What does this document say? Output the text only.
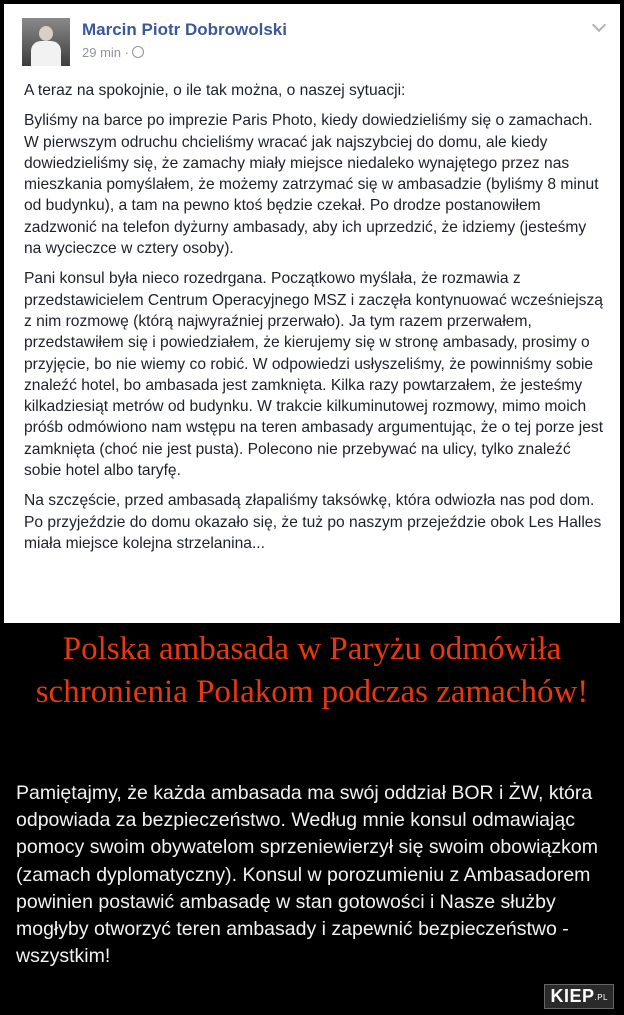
Marcin Piotr Dobrowolski
29 min ·

A teraz na spokojnie, o ile tak można, o naszej sytuacji:

Byliśmy na barce po imprezie Paris Photo, kiedy dowiedzieliśmy się o zamachach. W pierwszym odruchu chcieliśmy wracać jak najszybciej do domu, ale kiedy dowiedzieliśmy się, że zamachy miały miejsce niedaleko wynajętego przez nas mieszkania pomyślałem, że możemy zatrzymać się w ambasadzie (byliśmy 8 minut od budynku), a tam na pewno ktoś będzie czekał. Po drodze postanowiłem zadzwonić na telefon dyżurny ambasady, aby ich uprzedzić, że idziemy (jesteśmy na wycieczce w cztery osoby).

Pani konsul była nieco rozedrgana. Początkowo myślała, że rozmawia z przedstawicielem Centrum Operacyjnego MSZ i zaczęła kontynuować wcześniejszą z nim rozmowę (którą najwyraźniej przerwało). Ja tym razem przerwałem, przedstawiłem się i powiedziałem, że kierujemy się w stronę ambasady, prosimy o przyjęcie, bo nie wiemy co robić. W odpowiedzi usłyszeliśmy, że powinniśmy sobie znaleźć hotel, bo ambasada jest zamknięta. Kilka razy powtarzałem, że jesteśmy kilkadziesiąt metrów od budynku. W trakcie kilkuminutowej rozmowy, mimo moich próśb odmówiono nam wstępu na teren ambasady argumentując, że o tej porze jest zamknięta (choć nie jest pusta). Polecono nie przebywać na ulicy, tylko znaleźć sobie hotel albo taryfę.

Na szczęście, przed ambasadą złapaliśmy taksówkę, która odwiozła nas pod dom. Po przyjeździe do domu okazało się, że tuż po naszym przejeździe obok Les Halles miała miejsce kolejna strzelanina...

Polska ambasada w Paryżu odmówiła schronienia Polakom podczas zamachów!
Pamiętajmy, że każda ambasada ma swój oddział BOR i ŻW, która odpowiada za bezpieczeństwo. Według mnie konsul odmawiając pomocy swoim obywatelom sprzeniewierzył się swoim obowiązkom (zamach dyplomatyczny). Konsul w porozumieniu z Ambasadorem powinien postawić ambasadę w stan gotowości i Nasze służby mogłyby otworzyć teren ambasady i zapewnić bezpieczeństwo - wszystkim!
$KIEP^{.PL}$
